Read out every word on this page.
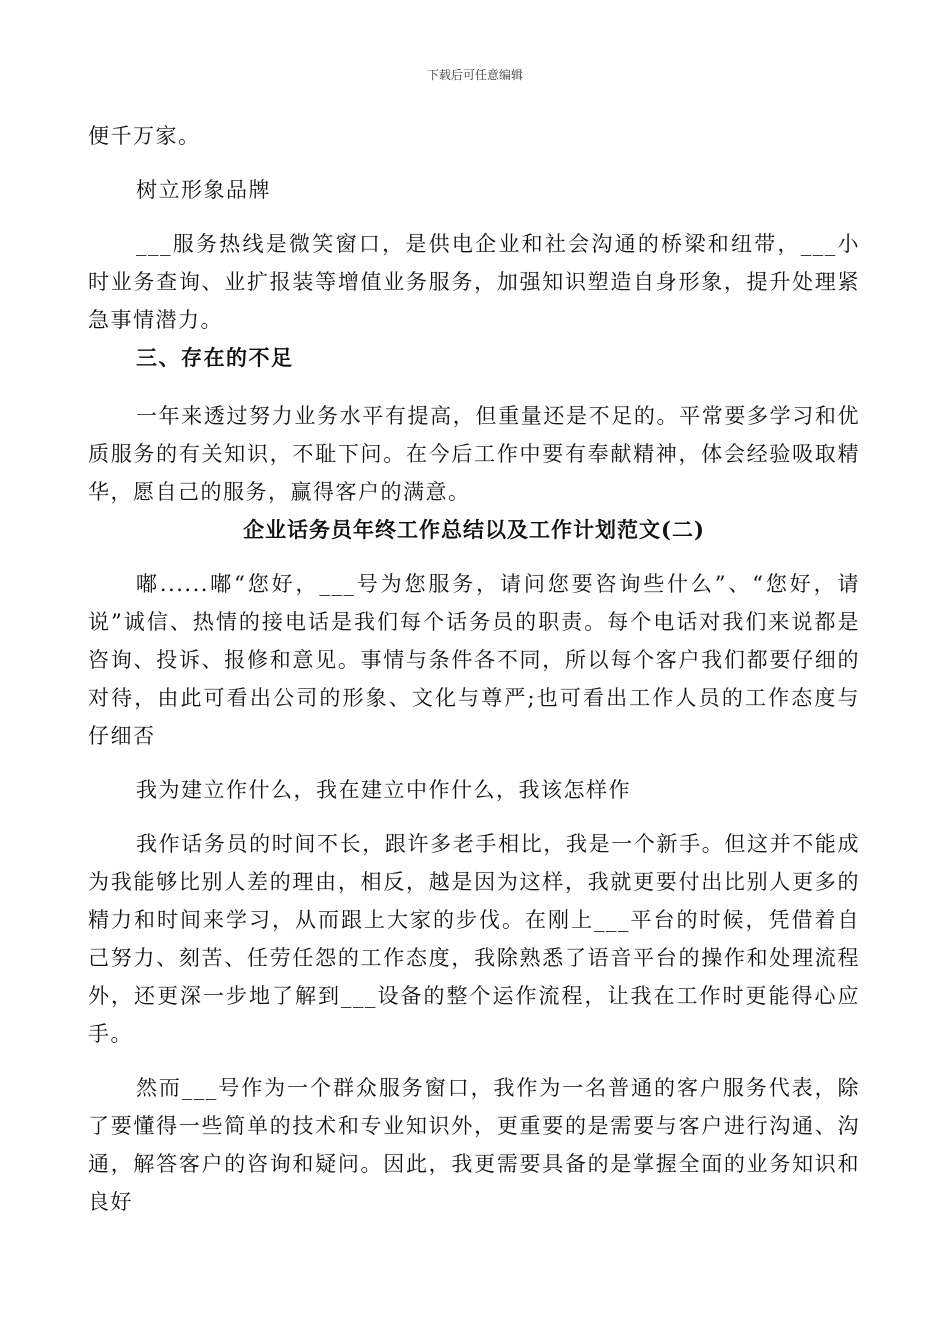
下载后可任意编辑

便千万家。

树立形象品牌

___服务热线是微笑窗口，是供电企业和社会沟通的桥梁和纽带，___小时业务查询、业扩报装等增值业务服务，加强知识塑造自身形象，提升处理紧急事情潜力。

三、存在的不足

一年来透过努力业务水平有提高，但重量还是不足的。平常要多学习和优质服务的有关知识，不耻下问。在今后工作中要有奉献精神，体会经验吸取精华，愿自己的服务，赢得客户的满意。

企业话务员年终工作总结以及工作计划范文(二)

嘟......嘟“您好，___号为您服务，请问您要咨询些什么”、“您好，请说”诚信、热情的接电话是我们每个话务员的职责。每个电话对我们来说都是咨询、投诉、报修和意见。事情与条件各不同，所以每个客户我们都要仔细的对待，由此可看出公司的形象、文化与尊严;也可看出工作人员的工作态度与仔细否

我为建立作什么，我在建立中作什么，我该怎样作

我作话务员的时间不长，跟许多老手相比，我是一个新手。但这并不能成为我能够比别人差的理由，相反，越是因为这样，我就更要付出比别人更多的精力和时间来学习，从而跟上大家的步伐。在刚上___平台的时候，凭借着自己努力、刻苦、任劳任怨的工作态度，我除熟悉了语音平台的操作和处理流程外，还更深一步地了解到___设备的整个运作流程，让我在工作时更能得心应手。

然而___号作为一个群众服务窗口，我作为一名普通的客户服务代表，除了要懂得一些简单的技术和专业知识外，更重要的是需要与客户进行沟通、沟通，解答客户的咨询和疑问。因此，我更需要具备的是掌握全面的业务知识和良好
